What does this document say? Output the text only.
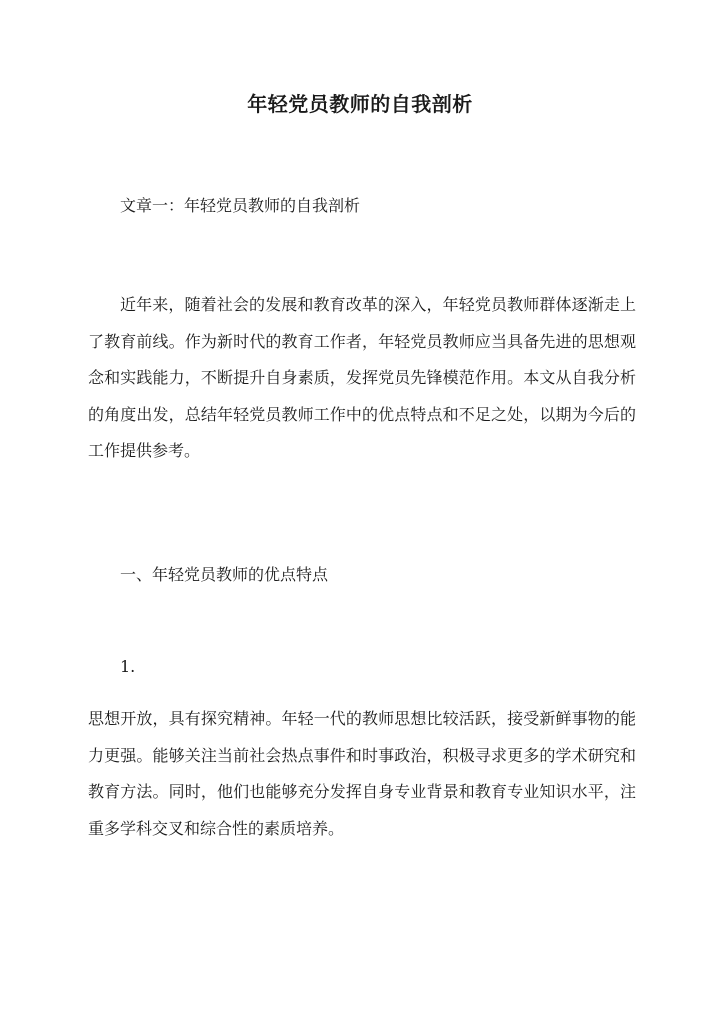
年轻党员教师的自我剖析
文章一：年轻党员教师的自我剖析
近年来，随着社会的发展和教育改革的深入，年轻党员教师群体逐渐走上了教育前线。作为新时代的教育工作者，年轻党员教师应当具备先进的思想观念和实践能力，不断提升自身素质，发挥党员先锋模范作用。本文从自我分析的角度出发，总结年轻党员教师工作中的优点特点和不足之处，以期为今后的工作提供参考。
一、年轻党员教师的优点特点
1.
思想开放，具有探究精神。年轻一代的教师思想比较活跃，接受新鲜事物的能力更强。能够关注当前社会热点事件和时事政治，积极寻求更多的学术研究和教育方法。同时，他们也能够充分发挥自身专业背景和教育专业知识水平，注重多学科交叉和综合性的素质培养。
